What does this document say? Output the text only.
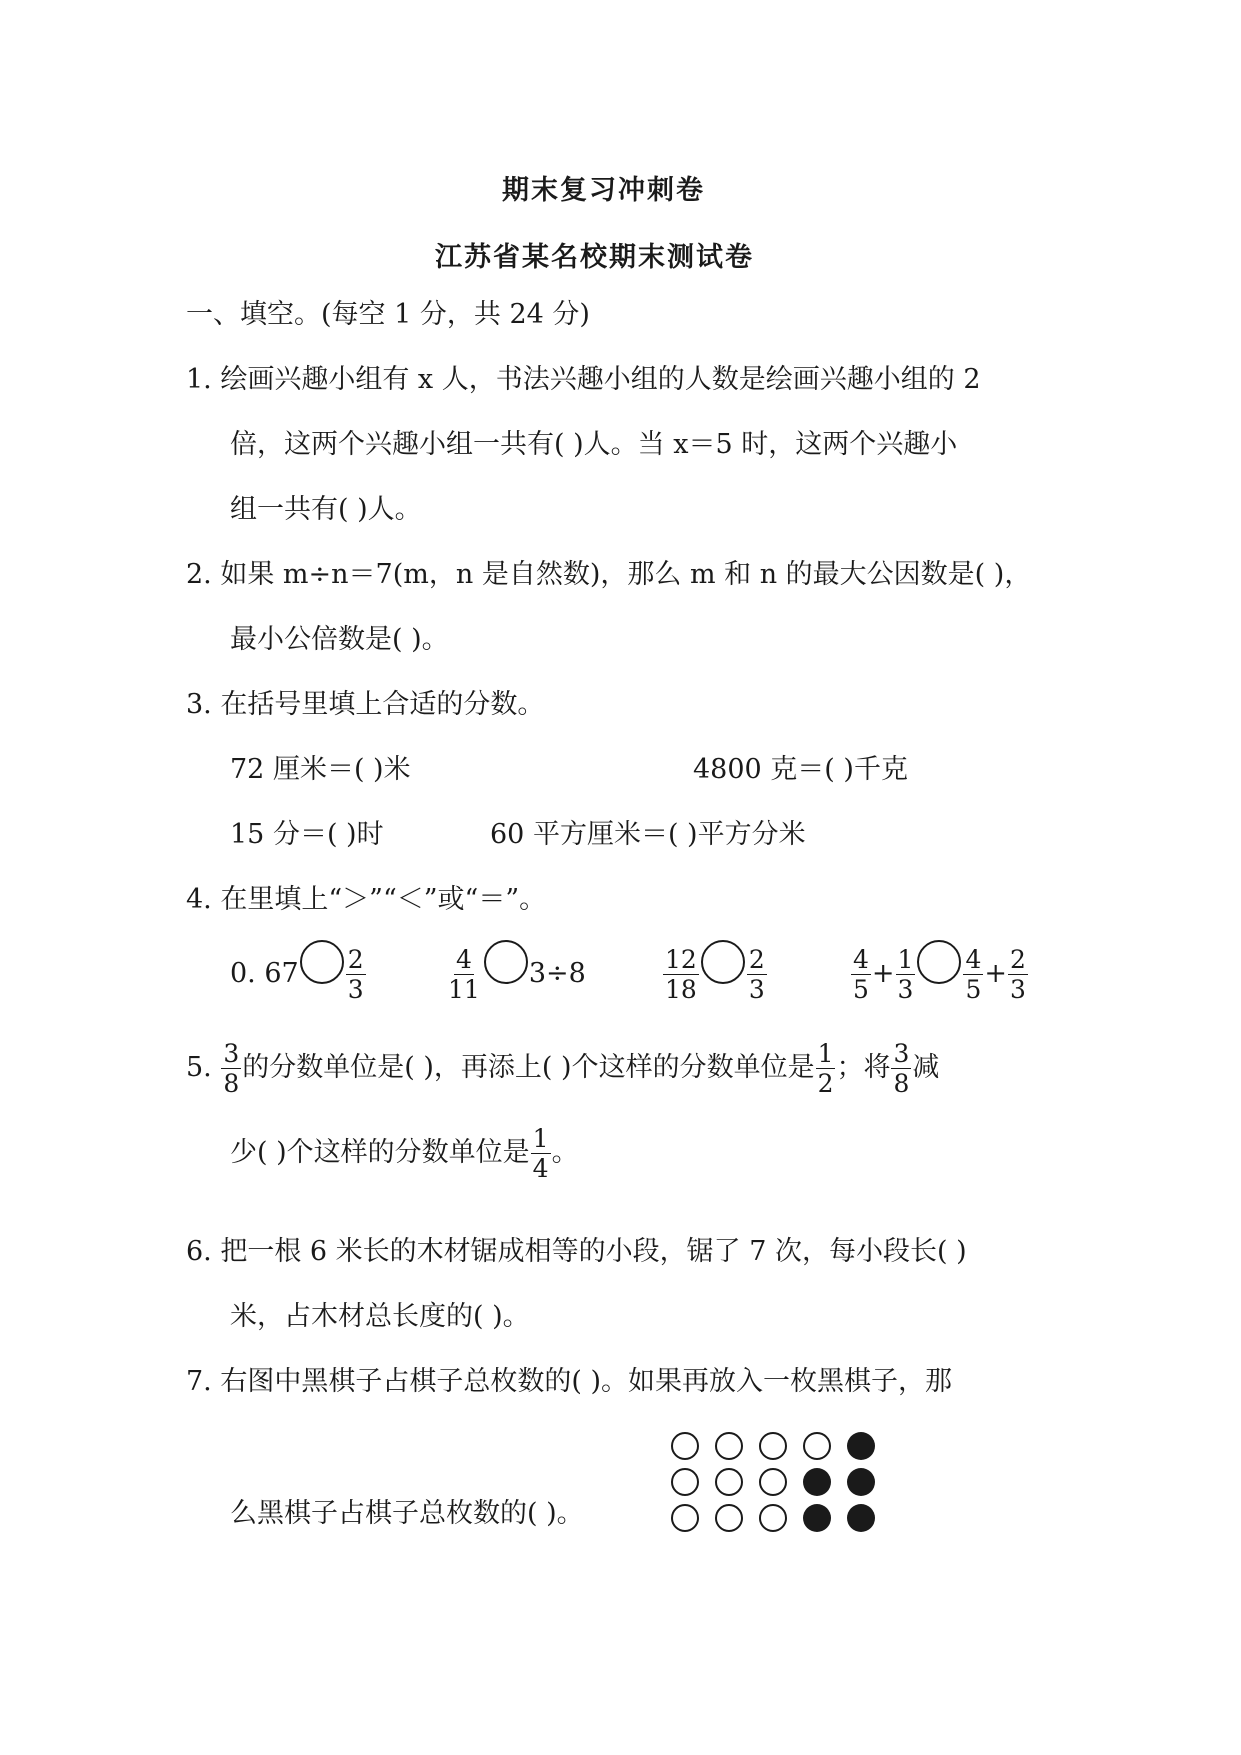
期末复习冲刺卷
江苏省某名校期末测试卷
一、填空。(每空 1 分，共 24 分)
1. 绘画兴趣小组有 x 人，书法兴趣小组的人数是绘画兴趣小组的 2
倍，这两个兴趣小组一共有( )人。当 x＝5 时，这两个兴趣小
组一共有( )人。
2. 如果 m÷n＝7(m，n 是自然数)，那么 m 和 n 的最大公因数是( )，
最小公倍数是( )。
3. 在括号里填上合适的分数。
72 厘米＝( )米	4800 克＝( )千克
15 分＝( )时	60 平方厘米＝( )平方分米
4. 在里填上“＞”“＜”或“＝”。
0. $67 \frac{2}{3}$	$\frac{4}{11} 3\div 8$	$\frac{12}{18} \frac{2}{3}$	$\frac{4}{5} + \frac{1}{3} \frac{4}{5} + \frac{2}{3}$
5. $\frac{3}{8}$ 的分数单位是( )，再添上( )个这样的分数单位是 $\frac{1}{2}$ ；将 $\frac{3}{8}$ 减
少( )个这样的分数单位是 $\frac{1}{4}$ 。
6. 把一根 6 米长的木材锯成相等的小段，锯了 7 次，每小段长( )
米，占木材总长度的( )。
7. 右图中黑棋子占棋子总枚数的( )。如果再放入一枚黑棋子，那
么黑棋子占棋子总枚数的( )。
